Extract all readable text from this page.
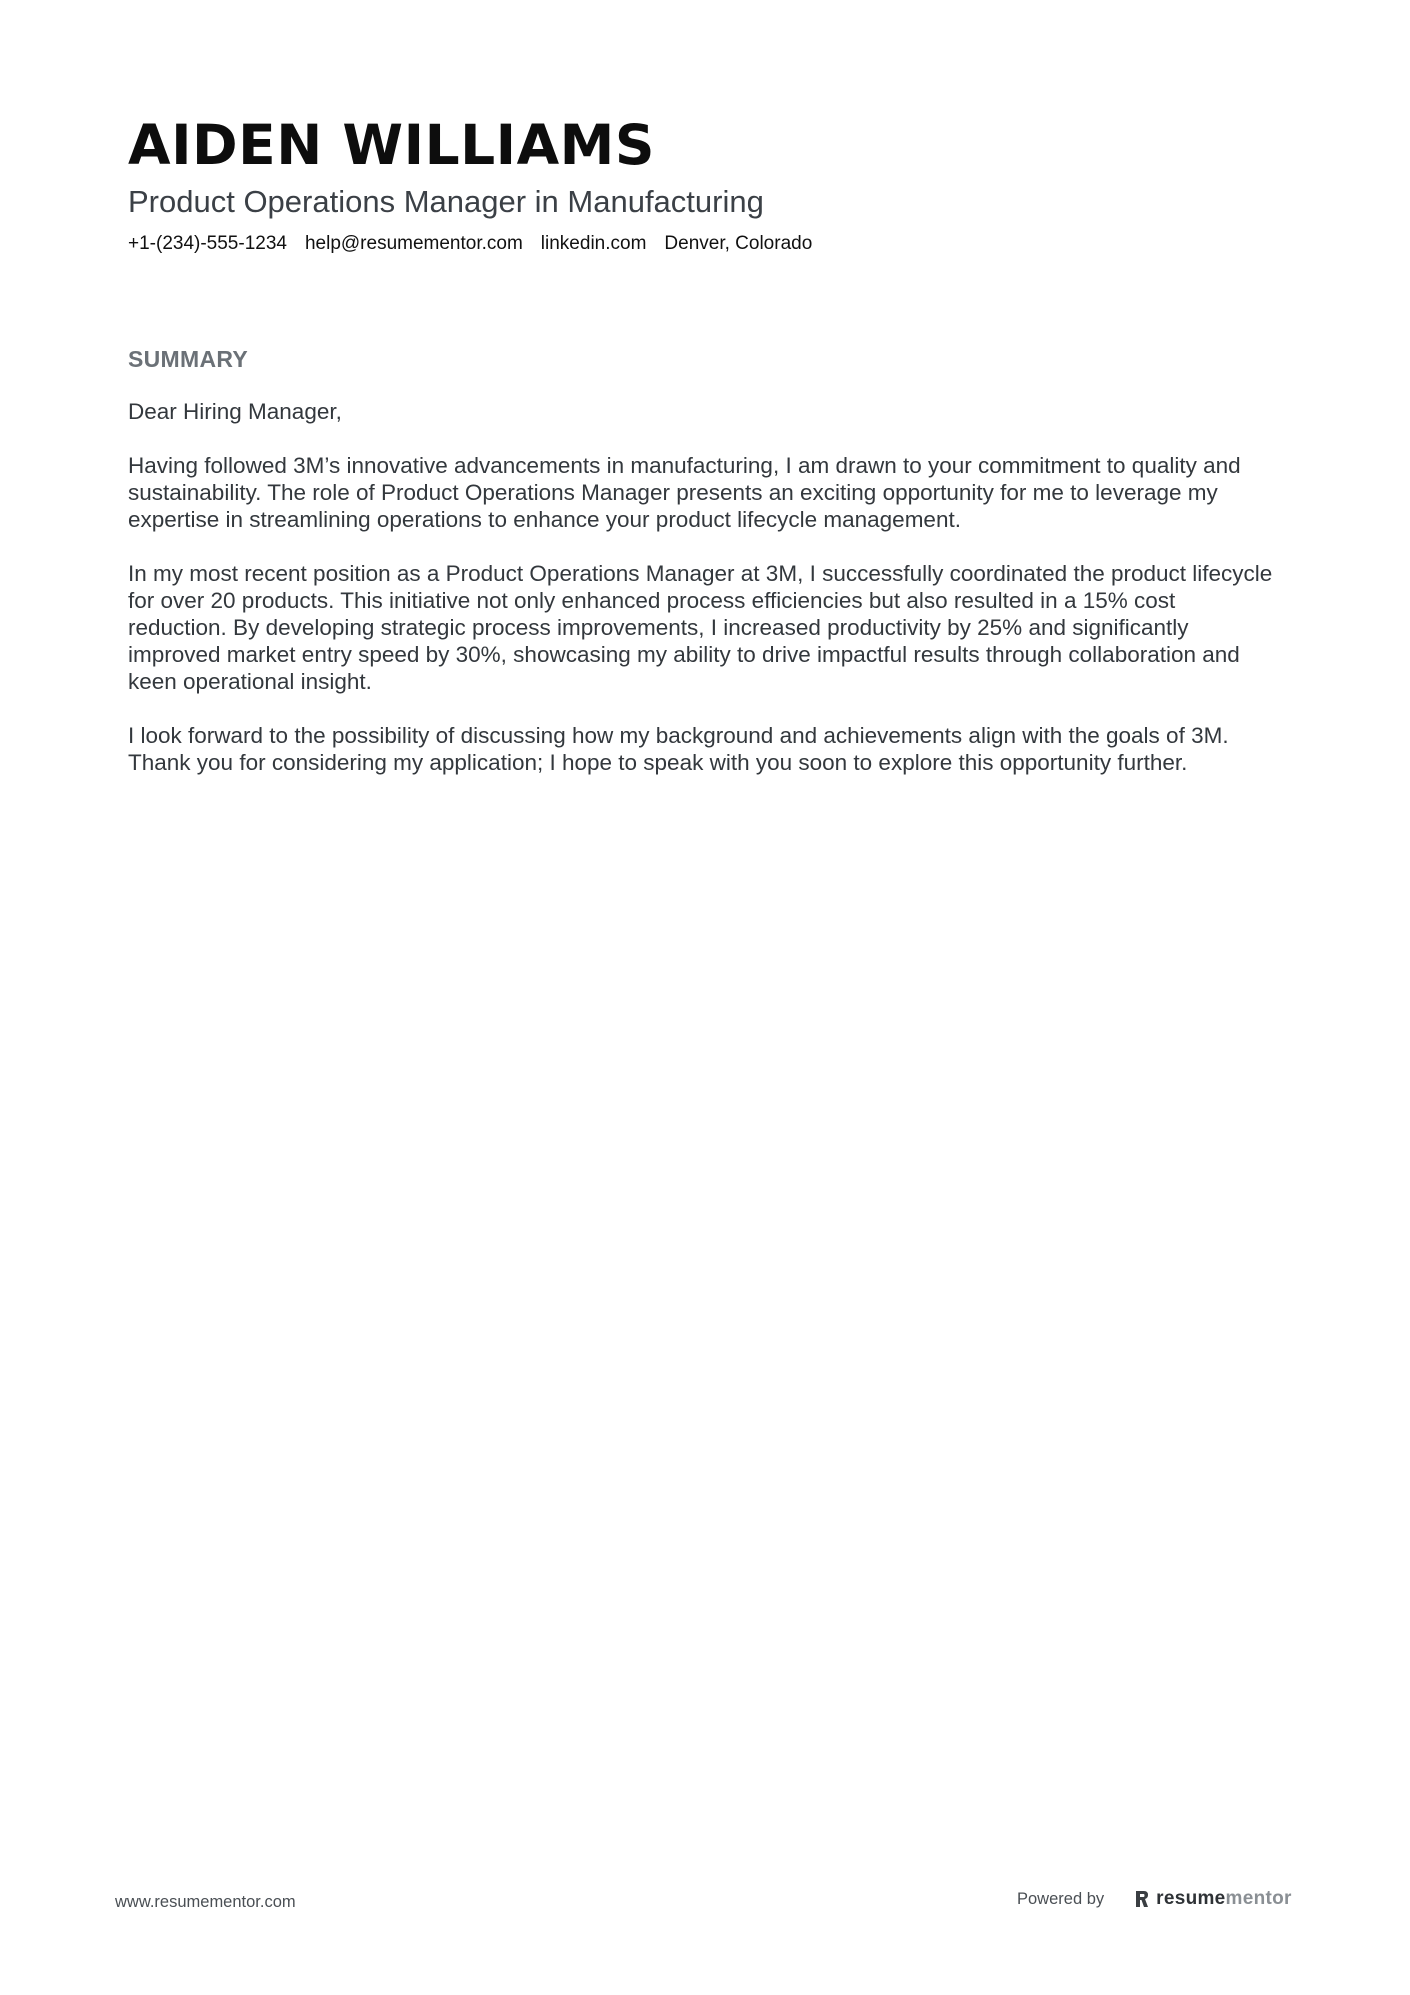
AIDEN WILLIAMS
Product Operations Manager in Manufacturing
+1-(234)-555-1234 help@resumementor.com linkedin.com Denver, Colorado
SUMMARY

Dear Hiring Manager,

Having followed 3M’s innovative advancements in manufacturing, I am drawn to your commitment to quality and sustainability. The role of Product Operations Manager presents an exciting opportunity for me to leverage my expertise in streamlining operations to enhance your product lifecycle management.

In my most recent position as a Product Operations Manager at 3M, I successfully coordinated the product lifecycle for over 20 products. This initiative not only enhanced process efficiencies but also resulted in a 15% cost reduction. By developing strategic process improvements, I increased productivity by 25% and significantly improved market entry speed by 30%, showcasing my ability to drive impactful results through collaboration and keen operational insight.

I look forward to the possibility of discussing how my background and achievements align with the goals of 3M. Thank you for considering my application; I hope to speak with you soon to explore this opportunity further.

www.resumementor.com	Powered by	resumementor
